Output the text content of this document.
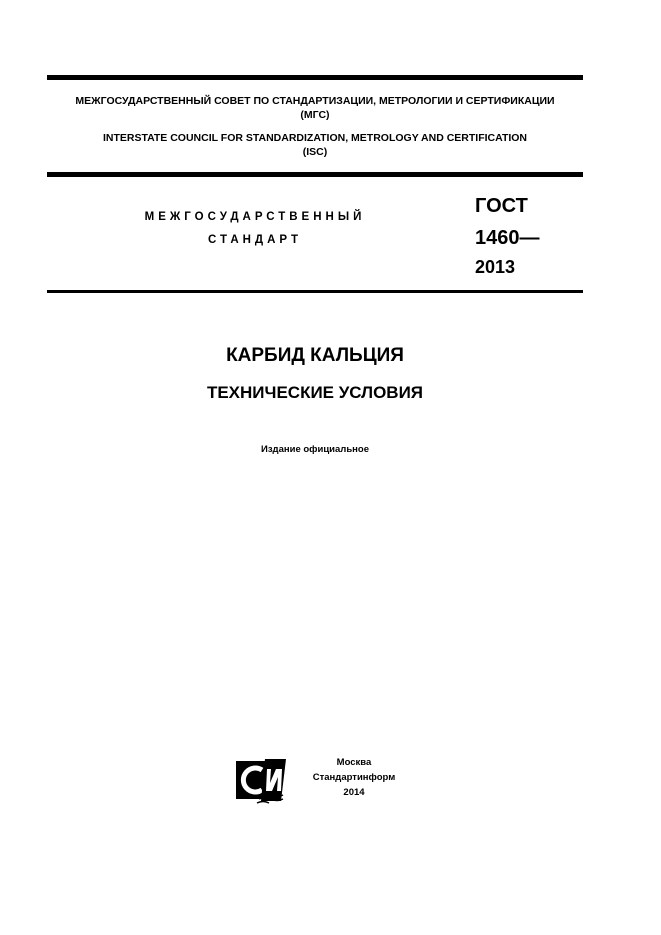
МЕЖГОСУДАРСТВЕННЫЙ СОВЕТ ПО СТАНДАРТИЗАЦИИ, МЕТРОЛОГИИ И СЕРТИФИКАЦИИ
(МГС)
INTERSTATE COUNCIL FOR STANDARDIZATION, METROLOGY AND CERTIFICATION
(ISC)
МЕЖГОСУДАРСТВЕННЫЙ
СТАНДАРТ
ГОСТ
1460—
2013
КАРБИД КАЛЬЦИЯ
ТЕХНИЧЕСКИЕ УСЛОВИЯ
Издание официальное
Москва
Стандартинформ
2014
